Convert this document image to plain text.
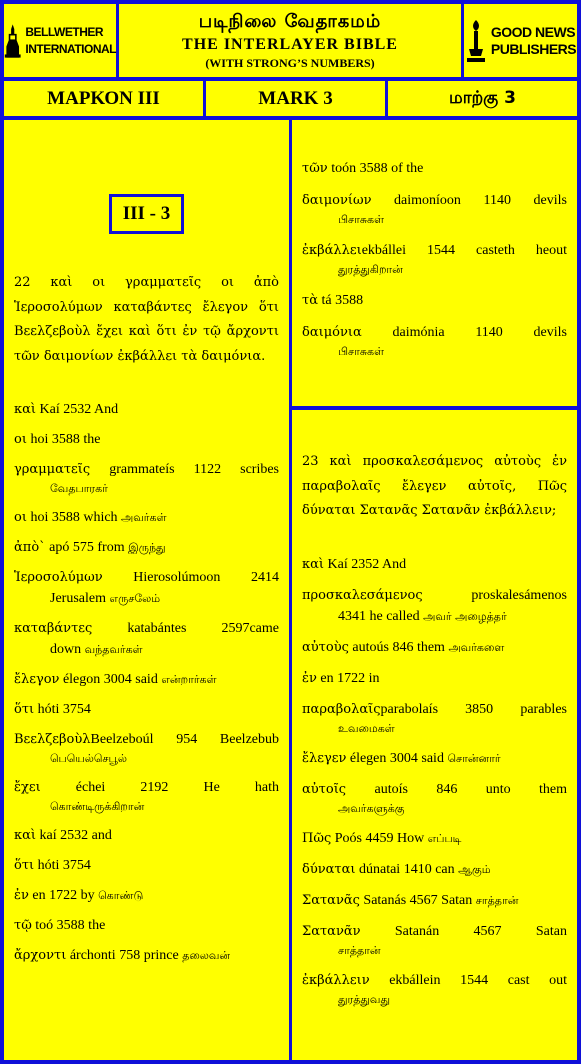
BELLWETHER
INTERNATIONAL
படிநிலை வேதாகமம்
THE INTERLAYER BIBLE
(WITH STRONG’S NUMBERS)
GOOD NEWS
PUBLISHERS
ΜΑΡΚΟΝ III	MARK 3	மாற்கு 3
III - 3
22 καὶ οι γραμματεῖς οι ἀπὸ Ἱεροσολύμων καταβάντες ἔλεγον ὅτι Βεελζεβοὺλ ἔχει καὶ ὅτι ἐν τῷ ἄρχοντι τῶν δαιμονίων ἐκβάλλει τὰ δαιμόνια.
καὶ Kaí 2532 And
οι hoi 3588 the
γραμματεῖς grammateís 1122 scribes
வேதபாரகர்
οι hoi 3588 which அவர்கள்
ἀπὸ` apó 575 from இருந்து
Ἱεροσολύμων Hierosolúmoon 2414
Jerusalem எருசலேம்
καταβάντες katabántes 2597came
down வந்தவர்கள்
ἔλεγον élegon 3004 said என்றார்கள்
ὅτι hóti 3754
ΒεελζεβοὺλBeelzeboúl 954 Beelzebub
பெயெல்செபூல்
ἔχει échei 2192 He hath
கொண்டிருக்கிறான்
καὶ kaí 2532 and
ὅτι hóti 3754
ἐν en 1722 by கொண்டு
τῷ toó 3588 the
ἄρχοντι árchonti 758 prince தலைவன்
τῶν toón 3588 of the
δαιμονίων daimoníoon 1140 devils
பிசாசுகள்
ἐκβάλλειekbállei 1544 casteth heout
துரத்துகிறான்
τὰ tá 3588
δαιμόνια daimónia 1140 devils
பிசாசுகள்
23 καὶ προσκαλεσάμενος αὐτοὺς ἐν παραβολαῖς ἔλεγεν αὐτοῖς, Πῶς δύναται Σατανᾶς Σατανᾶν ἐκβάλλειν;
καὶ Kaí 2352 And
προσκαλεσάμενος proskalesámenos
4341 he called அவர் அழைத்தா்
αὐτοὺς autoús 846 them அவர்களை
ἐν en 1722 in
παραβολαῖςparabolaís 3850 parables
உவமைகள்
ἔλεγεν élegen 3004 said சொன்னார்
αὐτοῖς autoís 846 unto them
அவர்களுக்கு
Πῶς Poós 4459 How எப்படி
δύναται dúnatai 1410 can ஆகும்
Σατανᾶς Satanás 4567 Satan சாத்தான்
Σατανᾶν Satanán 4567 Satan
சாத்தான்
ἐκβάλλειν ekbállein 1544 cast out
துரத்துவது
